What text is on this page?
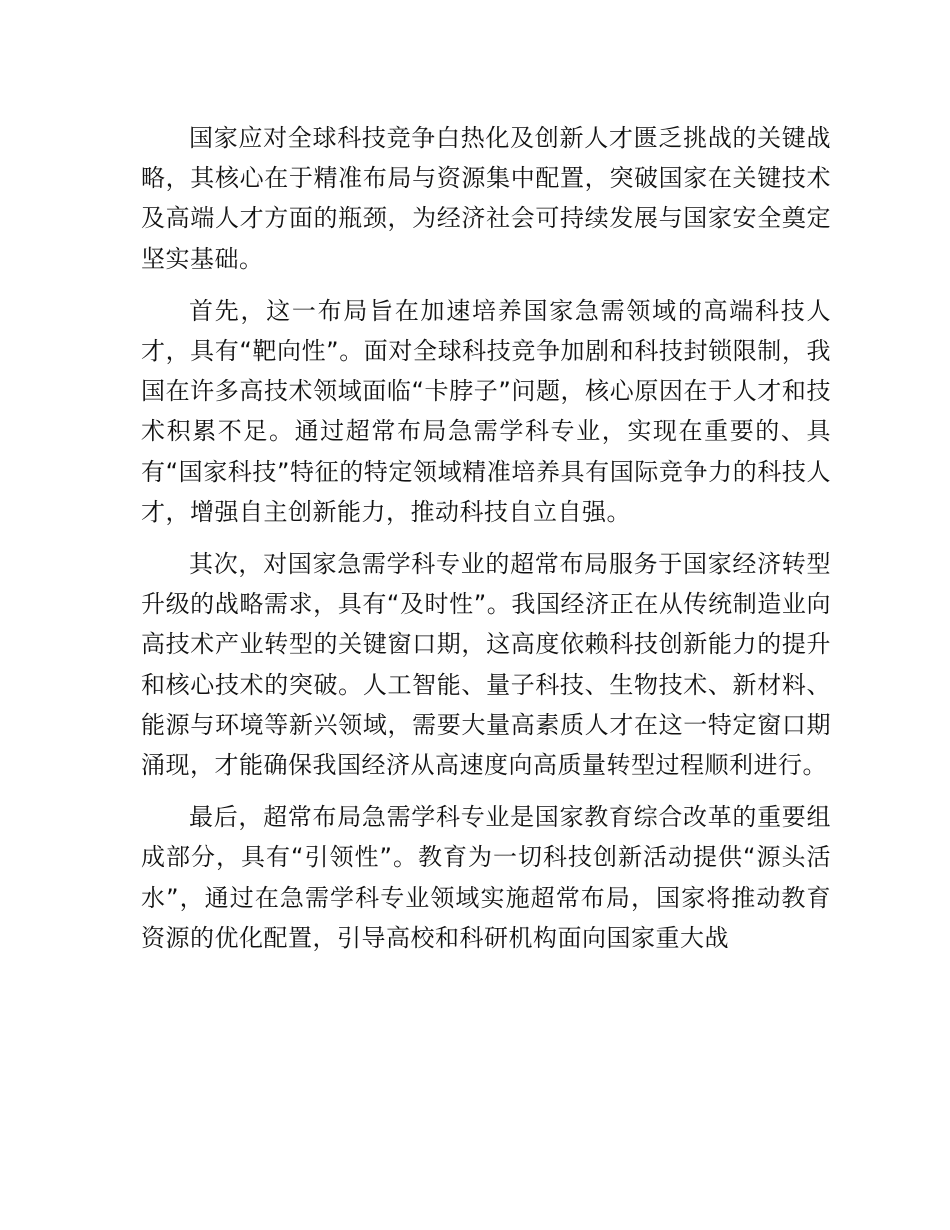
国家应对全球科技竞争白热化及创新人才匮乏挑战的关键战略，其核心在于精准布局与资源集中配置，突破国家在关键技术及高端人才方面的瓶颈，为经济社会可持续发展与国家安全奠定坚实基础。

首先，这一布局旨在加速培养国家急需领域的高端科技人才，具有“靶向性”。面对全球科技竞争加剧和科技封锁限制，我国在许多高技术领域面临“卡脖子”问题，核心原因在于人才和技术积累不足。通过超常布局急需学科专业，实现在重要的、具有“国家科技”特征的特定领域精准培养具有国际竞争力的科技人才，增强自主创新能力，推动科技自立自强。

其次，对国家急需学科专业的超常布局服务于国家经济转型升级的战略需求，具有“及时性”。我国经济正在从传统制造业向高技术产业转型的关键窗口期，这高度依赖科技创新能力的提升和核心技术的突破。人工智能、量子科技、生物技术、新材料、能源与环境等新兴领域，需要大量高素质人才在这一特定窗口期涌现，才能确保我国经济从高速度向高质量转型过程顺利进行。

最后，超常布局急需学科专业是国家教育综合改革的重要组成部分，具有“引领性”。教育为一切科技创新活动提供“源头活水”，通过在急需学科专业领域实施超常布局，国家将推动教育资源的优化配置，引导高校和科研机构面向国家重大战
